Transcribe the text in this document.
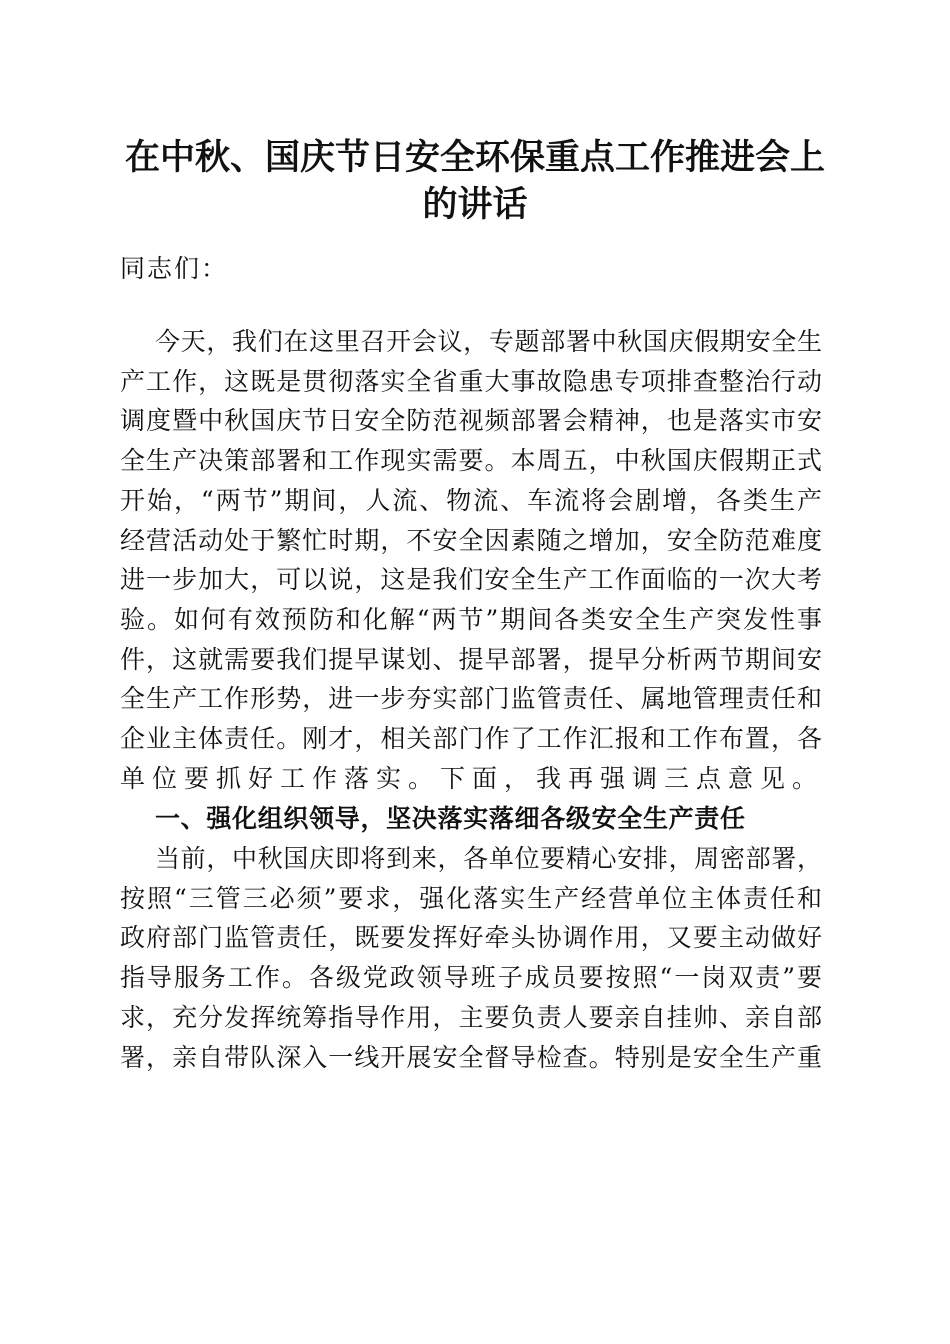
在中秋、国庆节日安全环保重点工作推进会上
的讲话
同志们：
今天，我们在这里召开会议，专题部署中秋国庆假期安全生
产工作，这既是贯彻落实全省重大事故隐患专项排查整治行动
调度暨中秋国庆节日安全防范视频部署会精神，也是落实市安
全生产决策部署和工作现实需要。本周五，中秋国庆假期正式
开始，“两节”期间，人流、物流、车流将会剧增，各类生产
经营活动处于繁忙时期，不安全因素随之增加，安全防范难度
进一步加大，可以说，这是我们安全生产工作面临的一次大考
验。如何有效预防和化解“两节”期间各类安全生产突发性事
件，这就需要我们提早谋划、提早部署，提早分析两节期间安
全生产工作形势，进一步夯实部门监管责任、属地管理责任和
企业主体责任。刚才，相关部门作了工作汇报和工作布置，各
单位要抓好工作落实。下面，我再强调三点意见。
一、强化组织领导，坚决落实落细各级安全生产责任
当前，中秋国庆即将到来，各单位要精心安排，周密部署，
按照“三管三必须”要求，强化落实生产经营单位主体责任和
政府部门监管责任，既要发挥好牵头协调作用，又要主动做好
指导服务工作。各级党政领导班子成员要按照“一岗双责”要
求，充分发挥统筹指导作用，主要负责人要亲自挂帅、亲自部
署，亲自带队深入一线开展安全督导检查。特别是安全生产重
